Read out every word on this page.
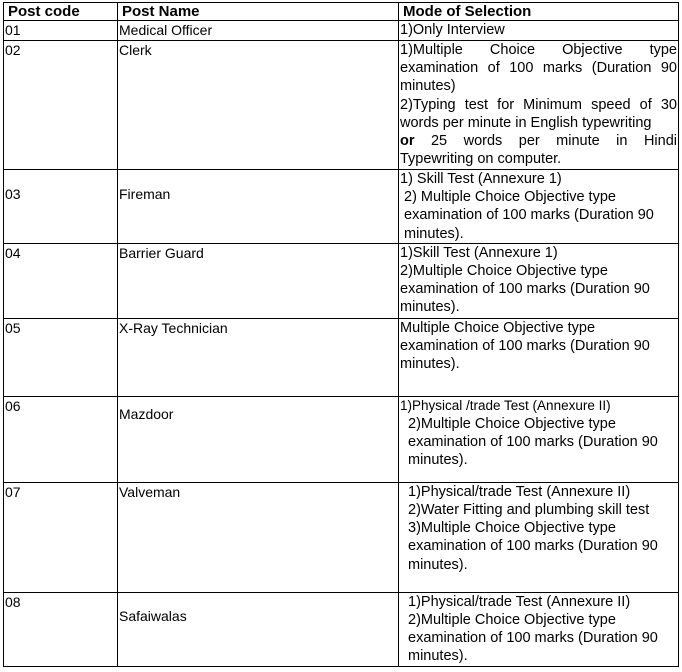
Post code	Post Name	Mode of Selection
01	Medical Officer	1)Only Interview

02	Clerk	1)Multiple Choice Objective type examination of 100 marks (Duration 90 minutes)
2)Typing test for Minimum speed of 30 words per minute in English typewriting
or 25 words per minute in Hindi Typewriting on computer.

03	Fireman	1) Skill Test (Annexure 1)
2) Multiple Choice Objective type examination of 100 marks (Duration 90 minutes).

04	Barrier Guard	1)Skill Test (Annexure 1)
2)Multiple Choice Objective type examination of 100 marks (Duration 90 minutes).

05	X-Ray Technician	Multiple Choice Objective type examination of 100 marks (Duration 90 minutes).

06	Mazdoor	1)Physical /trade Test (Annexure II)
2)Multiple Choice Objective type examination of 100 marks (Duration 90 minutes).

07	Valveman	1)Physical/trade Test (Annexure II)
2)Water Fitting and plumbing skill test
3)Multiple Choice Objective type examination of 100 marks (Duration 90 minutes).

08	Safaiwalas	1)Physical/trade Test (Annexure II)
2)Multiple Choice Objective type examination of 100 marks (Duration 90 minutes).
